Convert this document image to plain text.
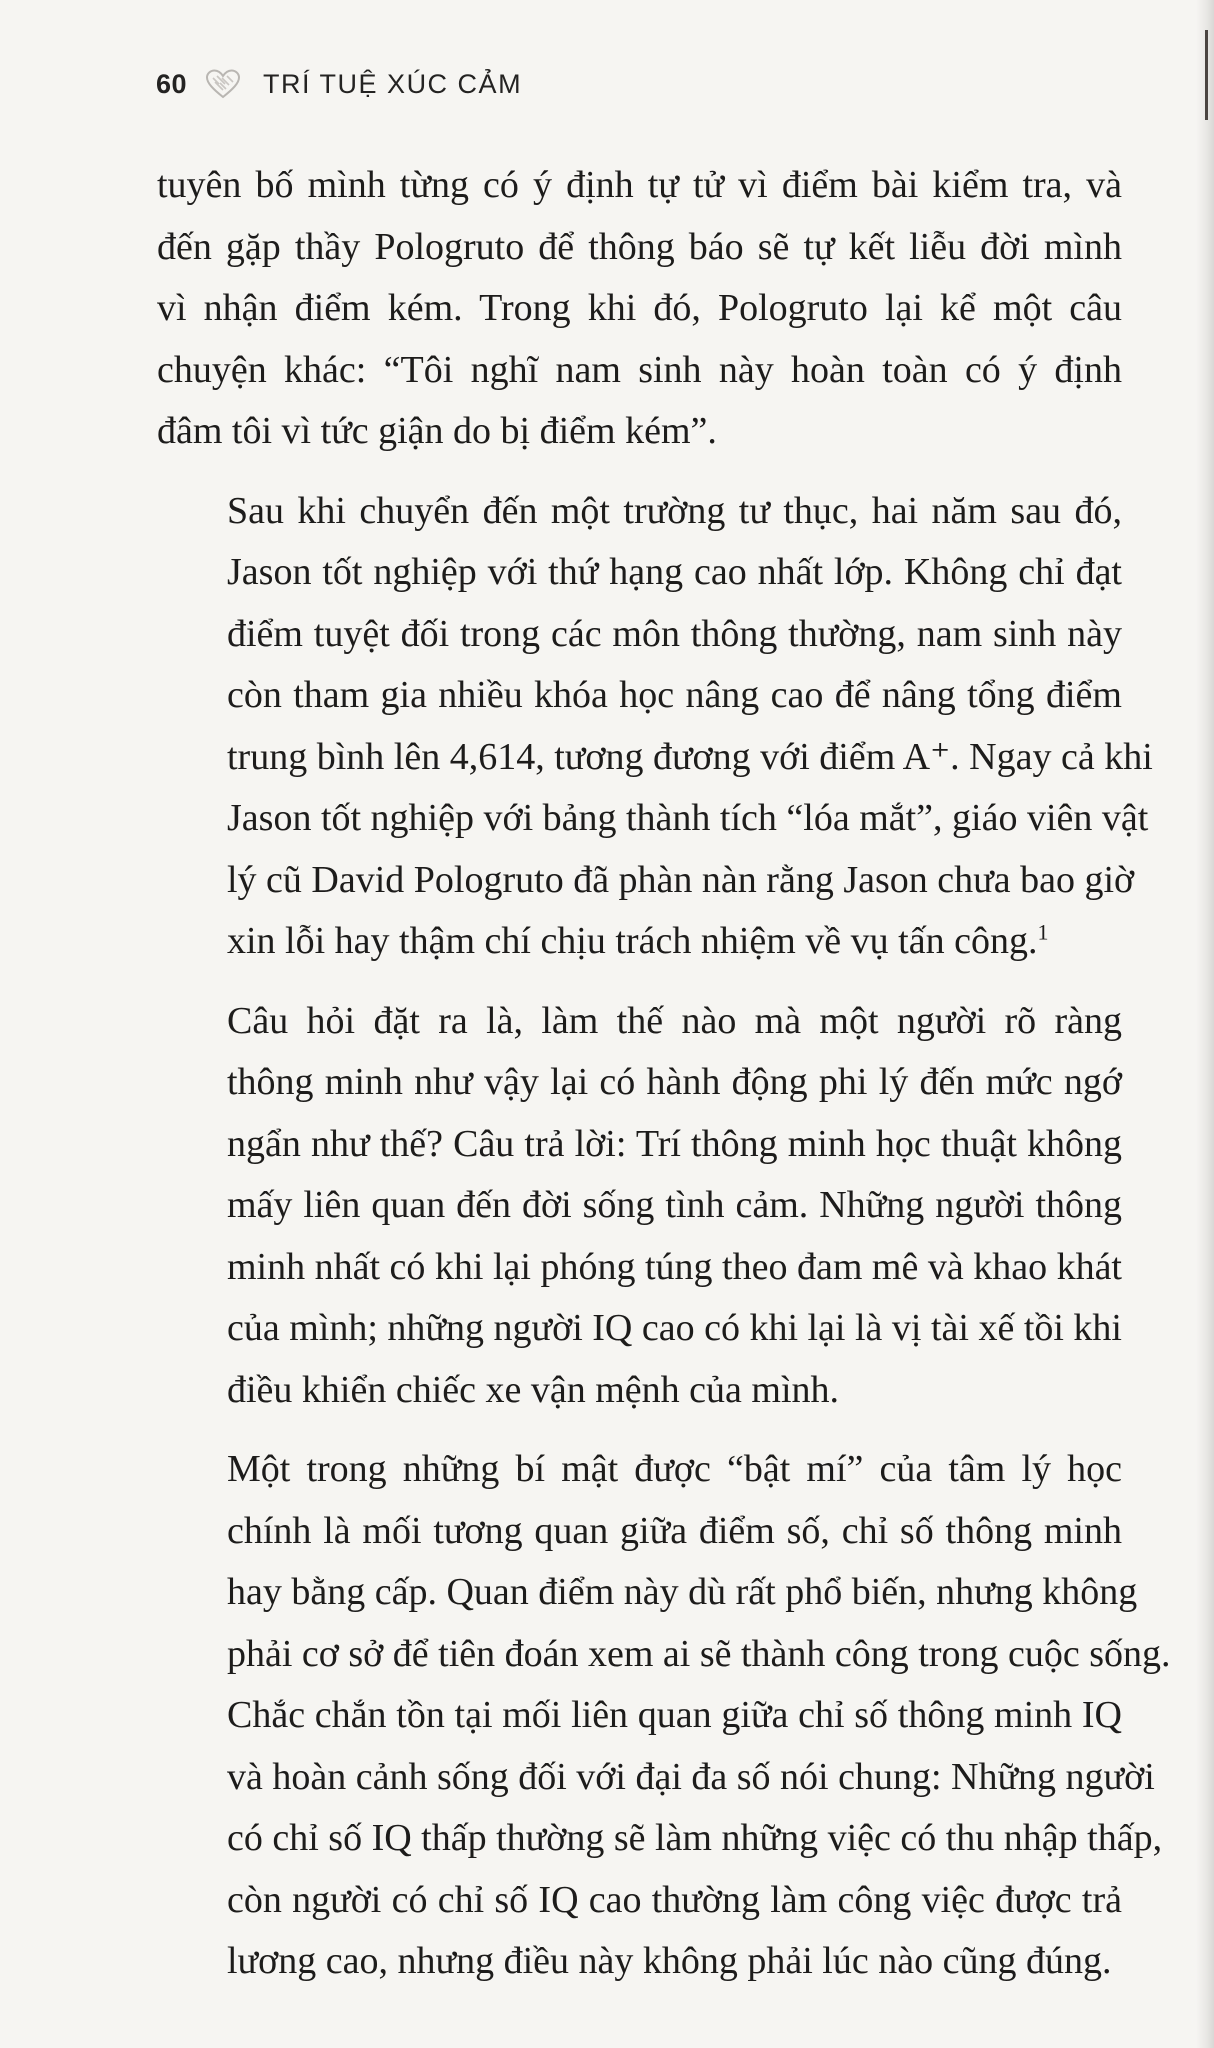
60	TRÍ TUỆ XÚC CẢM

tuyên bố mình từng có ý định tự tử vì điểm bài kiểm tra, và
đến gặp thầy Pologruto để thông báo sẽ tự kết liễu đời mình
vì nhận điểm kém. Trong khi đó, Pologruto lại kể một câu
chuyện khác: “Tôi nghĩ nam sinh này hoàn toàn có ý định
đâm tôi vì tức giận do bị điểm kém”.

Sau khi chuyển đến một trường tư thục, hai năm sau đó,
Jason tốt nghiệp với thứ hạng cao nhất lớp. Không chỉ đạt
điểm tuyệt đối trong các môn thông thường, nam sinh này
còn tham gia nhiều khóa học nâng cao để nâng tổng điểm
trung bình lên 4,614, tương đương với điểm A⁺. Ngay cả khi
Jason tốt nghiệp với bảng thành tích “lóa mắt”, giáo viên vật
lý cũ David Pologruto đã phàn nàn rằng Jason chưa bao giờ
xin lỗi hay thậm chí chịu trách nhiệm về vụ tấn công.$^1$

Câu hỏi đặt ra là, làm thế nào mà một người rõ ràng
thông minh như vậy lại có hành động phi lý đến mức ngớ
ngẩn như thế? Câu trả lời: Trí thông minh học thuật không
mấy liên quan đến đời sống tình cảm. Những người thông
minh nhất có khi lại phóng túng theo đam mê và khao khát
của mình; những người IQ cao có khi lại là vị tài xế tồi khi
điều khiển chiếc xe vận mệnh của mình.

Một trong những bí mật được “bật mí” của tâm lý học
chính là mối tương quan giữa điểm số, chỉ số thông minh
hay bằng cấp. Quan điểm này dù rất phổ biến, nhưng không
phải cơ sở để tiên đoán xem ai sẽ thành công trong cuộc sống.
Chắc chắn tồn tại mối liên quan giữa chỉ số thông minh IQ
và hoàn cảnh sống đối với đại đa số nói chung: Những người
có chỉ số IQ thấp thường sẽ làm những việc có thu nhập thấp,
còn người có chỉ số IQ cao thường làm công việc được trả
lương cao, nhưng điều này không phải lúc nào cũng đúng.
